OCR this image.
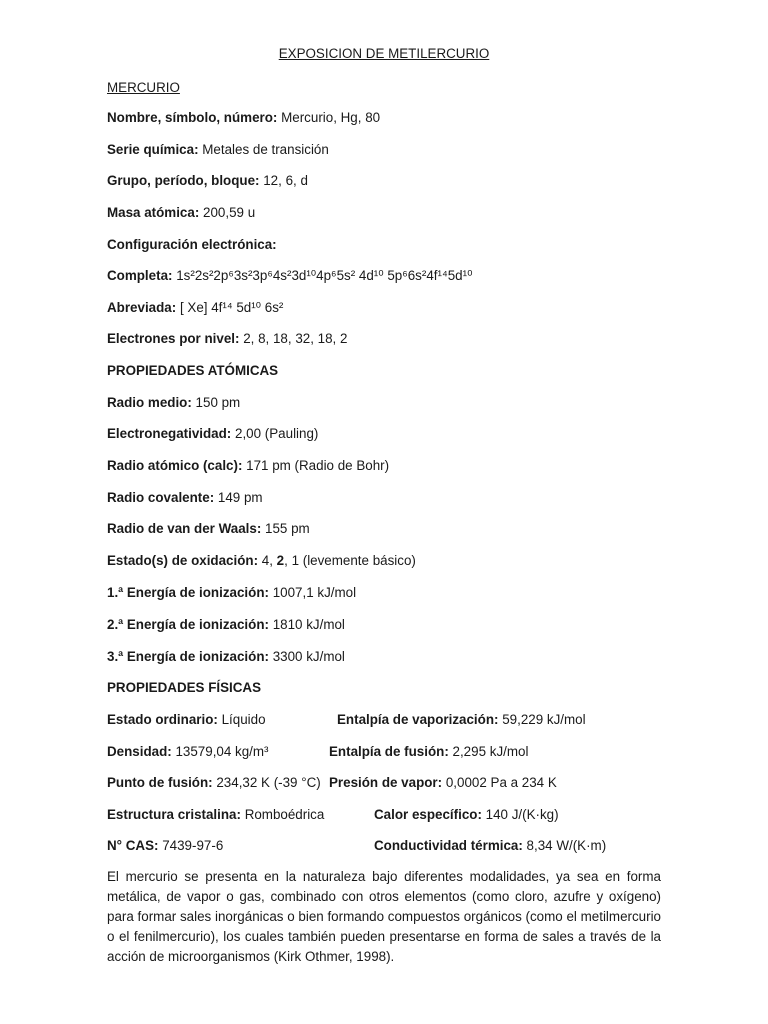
EXPOSICION DE METILERCURIO
MERCURIO
Nombre, símbolo, número: Mercurio, Hg, 80
Serie química: Metales de transición
Grupo, período, bloque: 12, 6, d
Masa atómica: 200,59 u
Configuración electrónica:
Completa: 1s²2s²2p⁶3s²3p⁶4s²3d¹⁰4p⁶5s² 4d¹⁰ 5p⁶6s²4f¹⁴5d¹⁰
Abreviada: [ Xe] 4f¹⁴ 5d¹⁰ 6s²
Electrones por nivel: 2, 8, 18, 32, 18, 2
PROPIEDADES ATÓMICAS
Radio medio: 150 pm
Electronegatividad: 2,00 (Pauling)
Radio atómico (calc): 171 pm (Radio de Bohr)
Radio covalente: 149 pm
Radio de van der Waals: 155 pm
Estado(s) de oxidación: 4, 2, 1 (levemente básico)
1.ª Energía de ionización: 1007,1 kJ/mol
2.ª Energía de ionización: 1810 kJ/mol
3.ª Energía de ionización: 3300 kJ/mol
PROPIEDADES FÍSICAS
Estado ordinario: Líquido	Entalpía de vaporización: 59,229 kJ/mol
Densidad: 13579,04 kg/m³	Entalpía de fusión: 2,295 kJ/mol
Punto de fusión: 234,32 K (-39 °C) Presión de vapor: 0,0002 Pa a 234 K
Estructura cristalina: Romboédrica	Calor específico: 140 J/(K·kg)
N° CAS: 7439-97-6	Conductividad térmica: 8,34 W/(K·m)
El mercurio se presenta en la naturaleza bajo diferentes modalidades, ya sea en forma metálica, de vapor o gas, combinado con otros elementos (como cloro, azufre y oxígeno) para formar sales inorgánicas o bien formando compuestos orgánicos (como el metilmercurio o el fenilmercurio), los cuales también pueden presentarse en forma de sales a través de la acción de microorganismos (Kirk Othmer, 1998).
